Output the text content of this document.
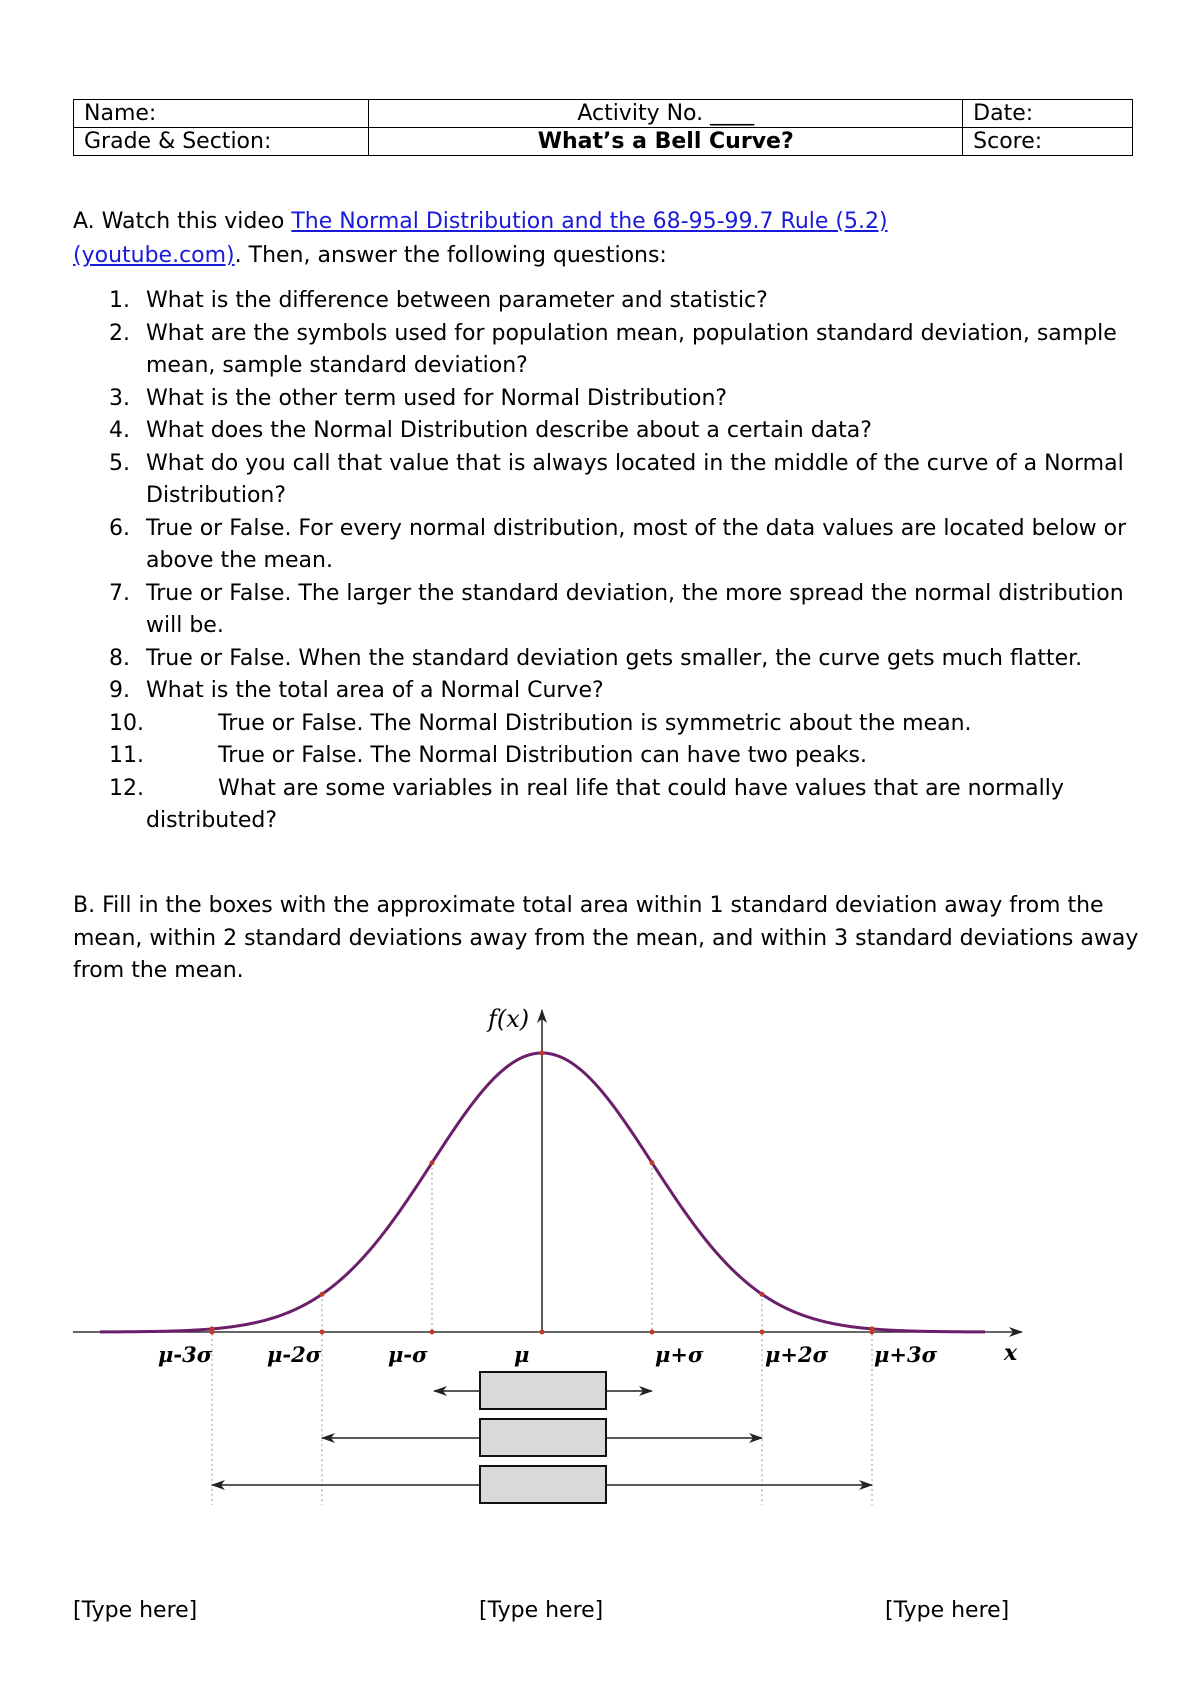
Name:	Activity No. ____	Date:
Grade & Section:	What’s a Bell Curve?	Score:
A. Watch this video The Normal Distribution and the 68-95-99.7 Rule (5.2)
(youtube.com). Then, answer the following questions:
1. What is the difference between parameter and statistic?
2. What are the symbols used for population mean, population standard deviation, sample mean, sample standard deviation?
3. What is the other term used for Normal Distribution?
4. What does the Normal Distribution describe about a certain data?
5. What do you call that value that is always located in the middle of the curve of a Normal Distribution?
6. True or False. For every normal distribution, most of the data values are located below or above the mean.
7. True or False. The larger the standard deviation, the more spread the normal distribution will be.
8. True or False. When the standard deviation gets smaller, the curve gets much flatter.
9. What is the total area of a Normal Curve?
10.	True or False. The Normal Distribution is symmetric about the mean.
11.	True or False. The Normal Distribution can have two peaks.
12.	What are some variables in real life that could have values that are normally distributed?
B. Fill in the boxes with the approximate total area within 1 standard deviation away from the mean, within 2 standard deviations away from the mean, and within 3 standard deviations away from the mean.
f(x)
x
μ-3σ	μ-2σ	μ-σ	μ	μ+σ	μ+2σ μ+3σ
[Type here]	[Type here]	[Type here]
